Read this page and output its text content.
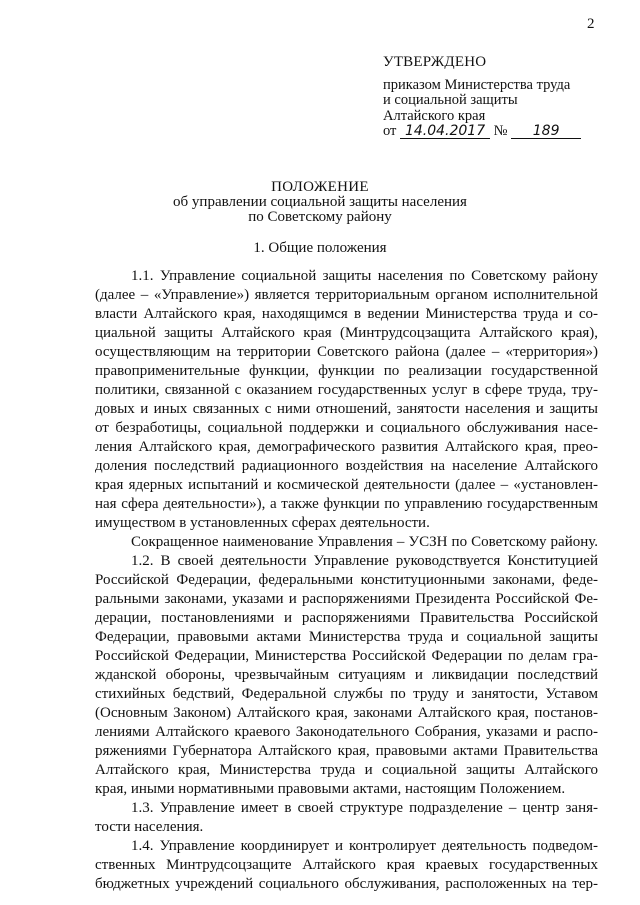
2
УТВЕРЖДЕНО
приказом Министерства труда
и социальной защиты
Алтайского края
от 14.04.2017 № 189
ПОЛОЖЕНИЕ
об управлении социальной защиты населения
по Советскому району
1. Общие положения
1.1. Управление социальной защиты населения по Советскому району
(далее – «Управление») является территориальным органом исполнительной
власти Алтайского края, находящимся в ведении Министерства труда и со-
циальной защиты Алтайского края (Минтрудсоцзащита Алтайского края),
осуществляющим на территории Советского района (далее – «территория»)
правоприменительные функции, функции по реализации государственной
политики, связанной с оказанием государственных услуг в сфере труда, тру-
довых и иных связанных с ними отношений, занятости населения и защиты
от безработицы, социальной поддержки и социального обслуживания насе-
ления Алтайского края, демографического развития Алтайского края, прео-
доления последствий радиационного воздействия на население Алтайского
края ядерных испытаний и космической деятельности (далее – «установлен-
ная сфера деятельности»), а также функции по управлению государственным
имуществом в установленных сферах деятельности.
Сокращенное наименование Управления – УСЗН по Советскому району.
1.2. В своей деятельности Управление руководствуется Конституцией
Российской Федерации, федеральными конституционными законами, феде-
ральными законами, указами и распоряжениями Президента Российской Фе-
дерации, постановлениями и распоряжениями Правительства Российской
Федерации, правовыми актами Министерства труда и социальной защиты
Российской Федерации, Министерства Российской Федерации по делам гра-
жданской обороны, чрезвычайным ситуациям и ликвидации последствий
стихийных бедствий, Федеральной службы по труду и занятости, Уставом
(Основным Законом) Алтайского края, законами Алтайского края, постанов-
лениями Алтайского краевого Законодательного Собрания, указами и распо-
ряжениями Губернатора Алтайского края, правовыми актами Правительства
Алтайского края, Министерства труда и социальной защиты Алтайского
края, иными нормативными правовыми актами, настоящим Положением.
1.3. Управление имеет в своей структуре подразделение – центр заня-
тости населения.
1.4. Управление координирует и контролирует деятельность подведом-
ственных Минтрудсоцзащите Алтайского края краевых государственных
бюджетных учреждений социального обслуживания, расположенных на тер-
